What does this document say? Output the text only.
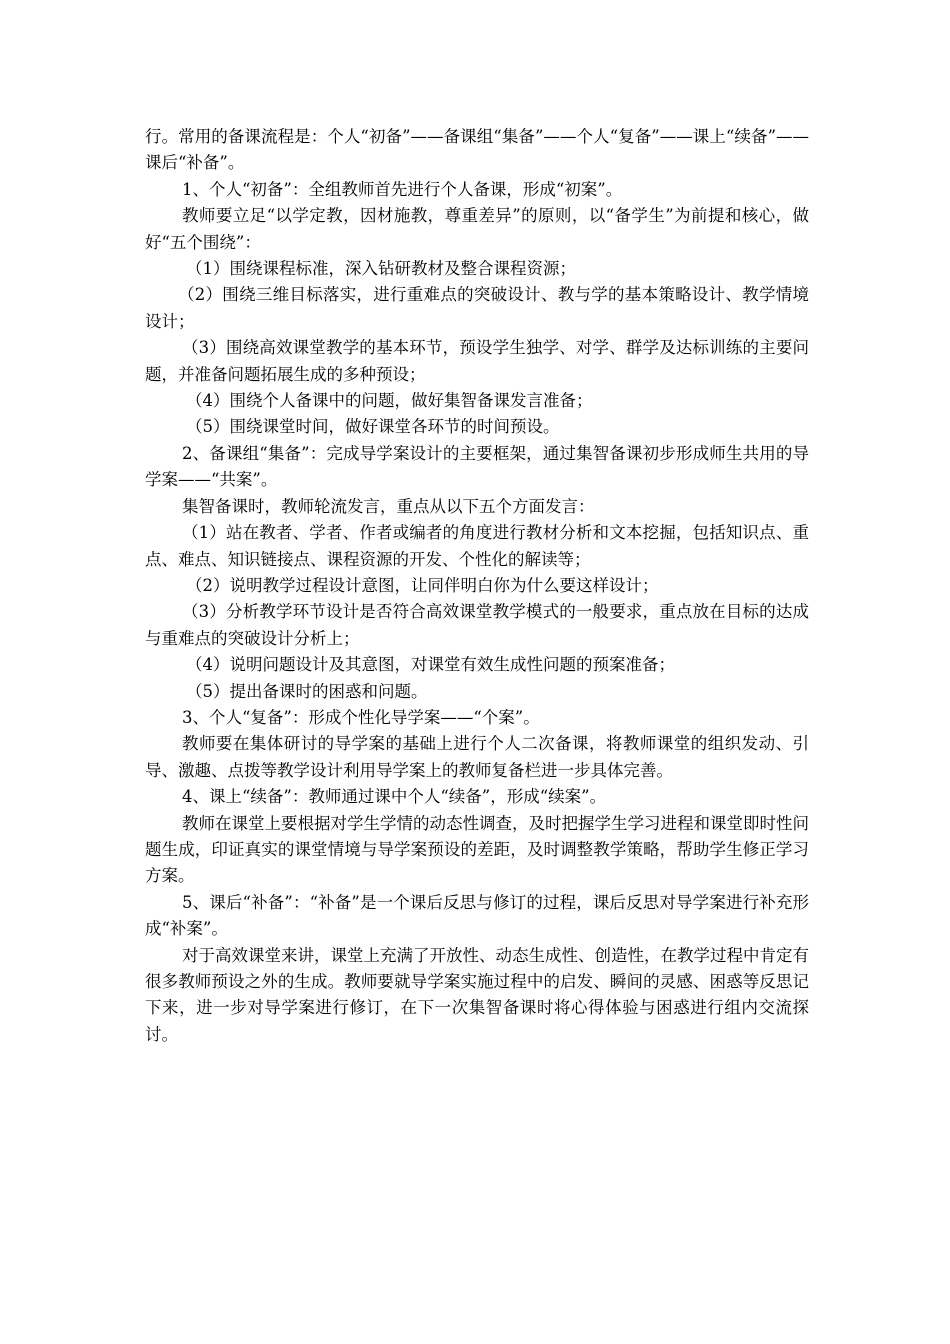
行。常用的备课流程是：个人“初备”——备课组“集备”——个人“复备”——课上“续备”——课后“补备”。

1、个人“初备”：全组教师首先进行个人备课，形成“初案”。

教师要立足“以学定教，因材施教，尊重差异”的原则，以“备学生”为前提和核心，做好“五个围绕”：

（1）围绕课程标准，深入钻研教材及整合课程资源；

（2）围绕三维目标落实，进行重难点的突破设计、教与学的基本策略设计、教学情境设计；

（3）围绕高效课堂教学的基本环节，预设学生独学、对学、群学及达标训练的主要问题，并准备问题拓展生成的多种预设；

（4）围绕个人备课中的问题，做好集智备课发言准备；

（5）围绕课堂时间，做好课堂各环节的时间预设。

2、备课组“集备”：完成导学案设计的主要框架，通过集智备课初步形成师生共用的导学案——“共案”。

集智备课时，教师轮流发言，重点从以下五个方面发言：

（1）站在教者、学者、作者或编者的角度进行教材分析和文本挖掘，包括知识点、重点、难点、知识链接点、课程资源的开发、个性化的解读等；

（2）说明教学过程设计意图，让同伴明白你为什么要这样设计；

（3）分析教学环节设计是否符合高效课堂教学模式的一般要求，重点放在目标的达成与重难点的突破设计分析上；

（4）说明问题设计及其意图，对课堂有效生成性问题的预案准备；

（5）提出备课时的困惑和问题。

3、个人“复备”：形成个性化导学案——“个案”。

教师要在集体研讨的导学案的基础上进行个人二次备课，将教师课堂的组织发动、引导、激趣、点拨等教学设计利用导学案上的教师复备栏进一步具体完善。

4、课上“续备”：教师通过课中个人“续备”，形成“续案”。

教师在课堂上要根据对学生学情的动态性调查，及时把握学生学习进程和课堂即时性问题生成，印证真实的课堂情境与导学案预设的差距，及时调整教学策略，帮助学生修正学习方案。

5、课后“补备”：“补备”是一个课后反思与修订的过程，课后反思对导学案进行补充形成“补案”。

对于高效课堂来讲，课堂上充满了开放性、动态生成性、创造性，在教学过程中肯定有很多教师预设之外的生成。教师要就导学案实施过程中的启发、瞬间的灵感、困惑等反思记下来，进一步对导学案进行修订，在下一次集智备课时将心得体验与困惑进行组内交流探讨。
